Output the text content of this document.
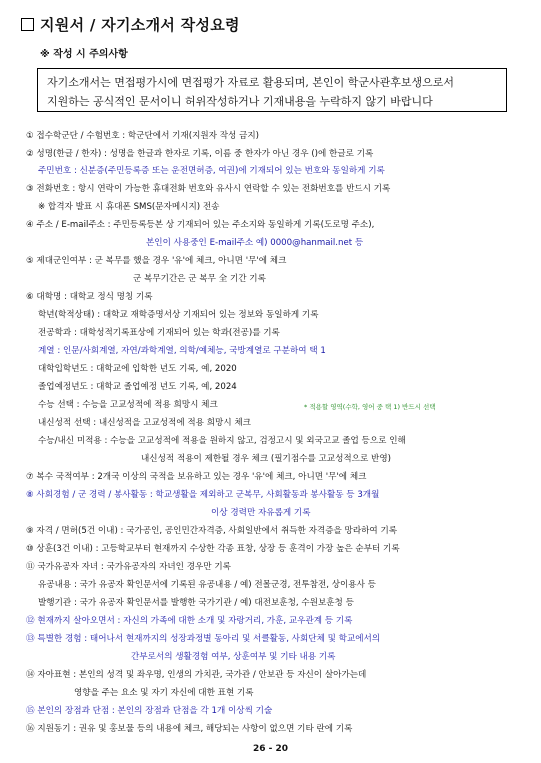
지원서 / 자기소개서 작성요령
※ 작성 시 주의사항
자기소개서는 면접평가시에 면접평가 자료로 활용되며, 본인이 학군사관후보생으로서
지원하는 공식적인 문서이니 허위작성하거나 기재내용을 누락하지 않기 바랍니다
① 접수학군단 / 수험번호 : 학군단에서 기재(지원자 작성 금지)
② 성명(한글 / 한자) : 성명을 한글과 한자로 기록, 이름 중 한자가 아닌 경우 ()에 한글로 기록
주민번호 : 신분증(주민등록증 또는 운전면허증, 여권)에 기재되어 있는 번호와 동일하게 기록
③ 전화번호 : 항시 연락이 가능한 휴대전화 번호와 유사시 연락할 수 있는 전화번호를 반드시 기록
※ 합격자 발표 시 휴대폰 SMS(문자메시지) 전송
④ 주소 / E-mail주소 : 주민등록등본 상 기재되어 있는 주소지와 동일하게 기록(도로명 주소),
본인이 사용중인 E-mail주소 예) 0000@hanmail.net 등
⑤ 제대군인여부 : 군 복무를 했을 경우 '유'에 체크, 아니면 '무'에 체크
군 복무기간은 군 복무 全 기간 기록
⑥ 대학명 : 대학교 정식 명칭 기록
학년(학적상태) : 대학교 재학증명서상 기재되어 있는 정보와 동일하게 기록
전공학과 : 대학성적기록표상에 기재되어 있는 학과(전공)를 기록
계열 : 인문/사회계열, 자연/과학계열, 의학/예체능, 국방계열로 구분하여 택 1
대학입학년도 : 대학교에 입학한 년도 기록, 예, 2020
졸업예정년도 : 대학교 졸업예정 년도 기록, 예, 2024
수능 선택 : 수능을 고교성적에 적용 희망시 체크
내신성적 선택 : 내신성적을 고교성적에 적용 희망시 체크
수능/내신 미적용 : 수능을 고교성적에 적용을 원하지 않고, 검정고시 및 외국고교 졸업 등으로 인해
내신성적 적용이 제한될 경우 체크 (필기점수를 고교성적으로 반영)
⑦ 복수 국적여부 : 2개국 이상의 국적을 보유하고 있는 경우 '유'에 체크, 아니면 '무'에 체크
⑧ 사회경험 / 군 경력 / 봉사활동 : 학교생활을 제외하고 군복무, 사회활동과 봉사활동 등 3개월
이상 경력만 자유롭게 기록
⑨ 자격 / 면허(5건 이내) : 국가공인, 공인민간자격증, 사회일반에서 취득한 자격증을 망라하여 기록
⑩ 상훈(3건 이내) : 고등학교부터 현재까지 수상한 각종 표창, 상장 등 훈격이 가장 높은 순부터 기록
⑪ 국가유공자 자녀 : 국가유공자의 자녀인 경우만 기록
유공내용 : 국가 유공자 확인문서에 기록된 유공내용 / 예) 전몰군경, 전투참전, 상이용사 등
발행기관 : 국가 유공자 확인문서를 발행한 국가기관 / 예) 대전보훈청, 수원보훈청 등
⑫ 현재까지 살아오면서 : 자신의 가족에 대한 소개 및 자랑거리, 가훈, 교우관계 등 기록
⑬ 특별한 경험 : 태어나서 현재까지의 성장과정별 동아리 및 서클활동, 사회단체 및 학교에서의
간부로서의 생활경험 여부, 상훈여부 및 기타 내용 기록
⑭ 자아표현 : 본인의 성격 및 좌우명, 인생의 가치관, 국가관 / 안보관 등 자신이 살아가는데
영향을 주는 요소 및 자기 자신에 대한 표현 기록
⑮ 본인의 장점과 단점 : 본인의 장점과 단점을 각 1개 이상씩 기술
⑯ 지원동기 : 권유 및 홍보물 등의 내용에 체크, 해당되는 사항이 없으면 기타 란에 기록
* 적용할 영역(수학, 영어 중 택 1) 반드시 선택
26 - 20
